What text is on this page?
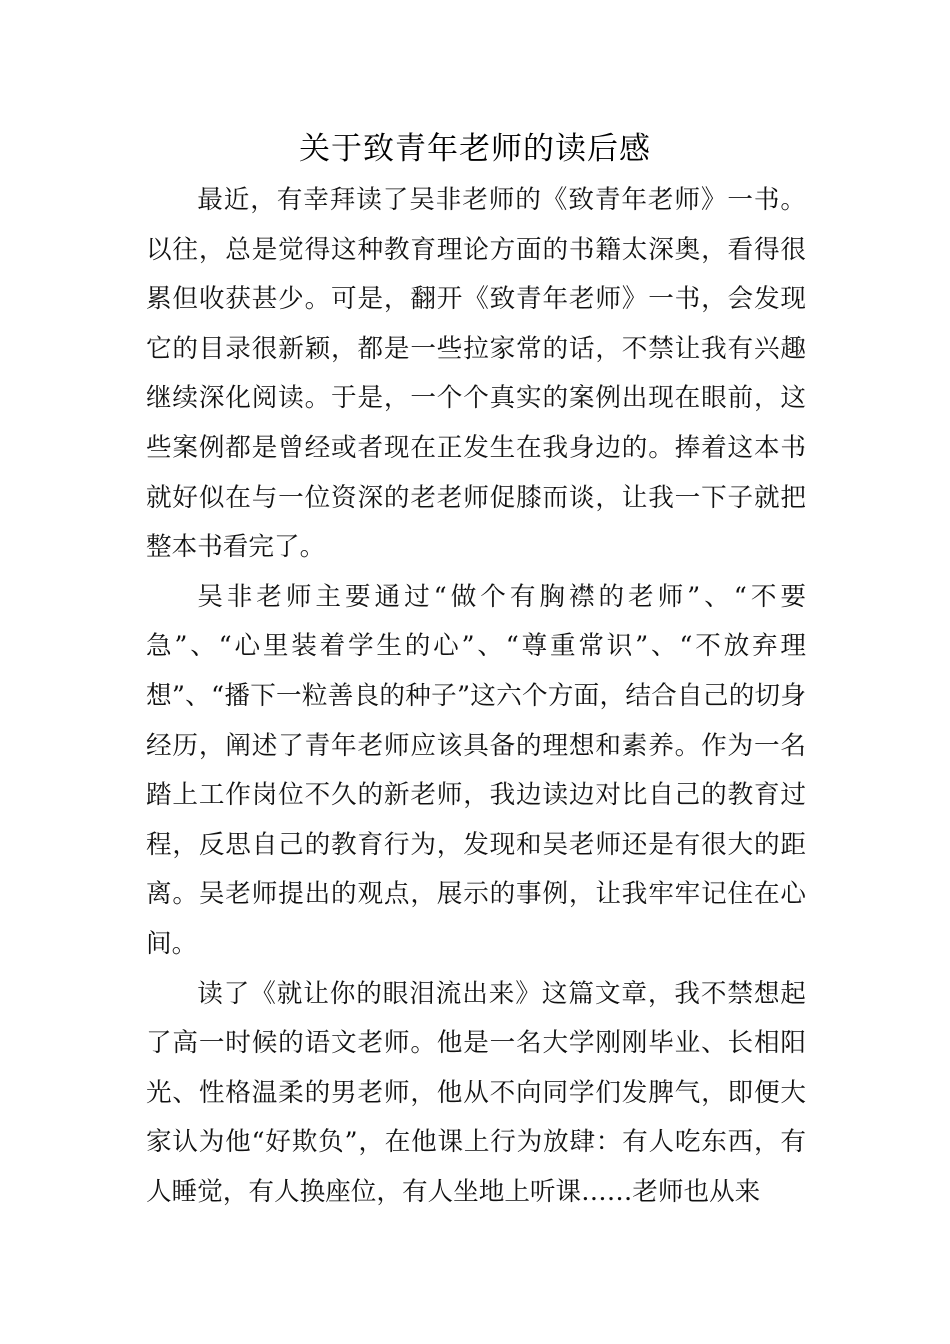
关于致青年老师的读后感

最近，有幸拜读了吴非老师的《致青年老师》一书。以往，总是觉得这种教育理论方面的书籍太深奥，看得很累但收获甚少。可是，翻开《致青年老师》一书，会发现它的目录很新颖，都是一些拉家常的话，不禁让我有兴趣继续深化阅读。于是，一个个真实的案例出现在眼前，这些案例都是曾经或者现在正发生在我身边的。捧着这本书就好似在与一位资深的老老师促膝而谈，让我一下子就把整本书看完了。

吴非老师主要通过“做个有胸襟的老师”、“不要急”、“心里装着学生的心”、“尊重常识”、“不放弃理想”、“播下一粒善良的种子”这六个方面，结合自己的切身经历，阐述了青年老师应该具备的理想和素养。作为一名踏上工作岗位不久的新老师，我边读边对比自己的教育过程，反思自己的教育行为，发现和吴老师还是有很大的距离。吴老师提出的观点，展示的事例，让我牢牢记住在心间。

读了《就让你的眼泪流出来》这篇文章，我不禁想起了高一时候的语文老师。他是一名大学刚刚毕业、长相阳光、性格温柔的男老师，他从不向同学们发脾气，即便大家认为他“好欺负”，在他课上行为放肆：有人吃东西，有人睡觉，有人换座位，有人坐地上听课……老师也从来
